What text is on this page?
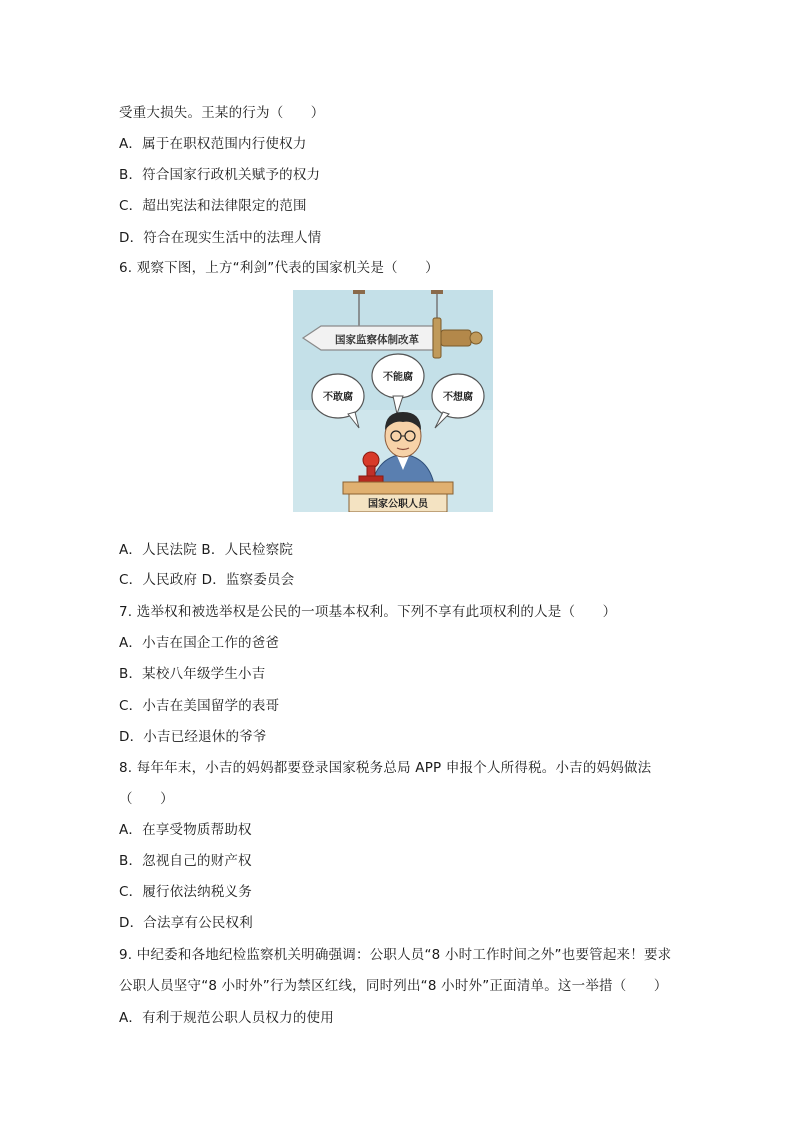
受重大损失。王某的行为（　　）
A．属于在职权范围内行使权力
B．符合国家行政机关赋予的权力
C．超出宪法和法律限定的范围
D．符合在现实生活中的法理人情
6. 观察下图，上方“利剑”代表的国家机关是（　　）
国家监察体制改革
不敢腐
不能腐
不想腐
国家公职人员
A．人民法院 B．人民检察院
C．人民政府 D．监察委员会
7. 选举权和被选举权是公民的一项基本权利。下列不享有此项权利的人是（　　）
A．小吉在国企工作的爸爸
B．某校八年级学生小吉
C．小吉在美国留学的表哥
D．小吉已经退休的爷爷
8. 每年年末，小吉的妈妈都要登录国家税务总局 APP 申报个人所得税。小吉的妈妈做法
（　　）
A．在享受物质帮助权
B．忽视自己的财产权
C．履行依法纳税义务
D．合法享有公民权利
9. 中纪委和各地纪检监察机关明确强调：公职人员“8 小时工作时间之外”也要管起来！要求
公职人员坚守“8 小时外”行为禁区红线，同时列出“8 小时外”正面清单。这一举措（　　）
A．有利于规范公职人员权力的使用
